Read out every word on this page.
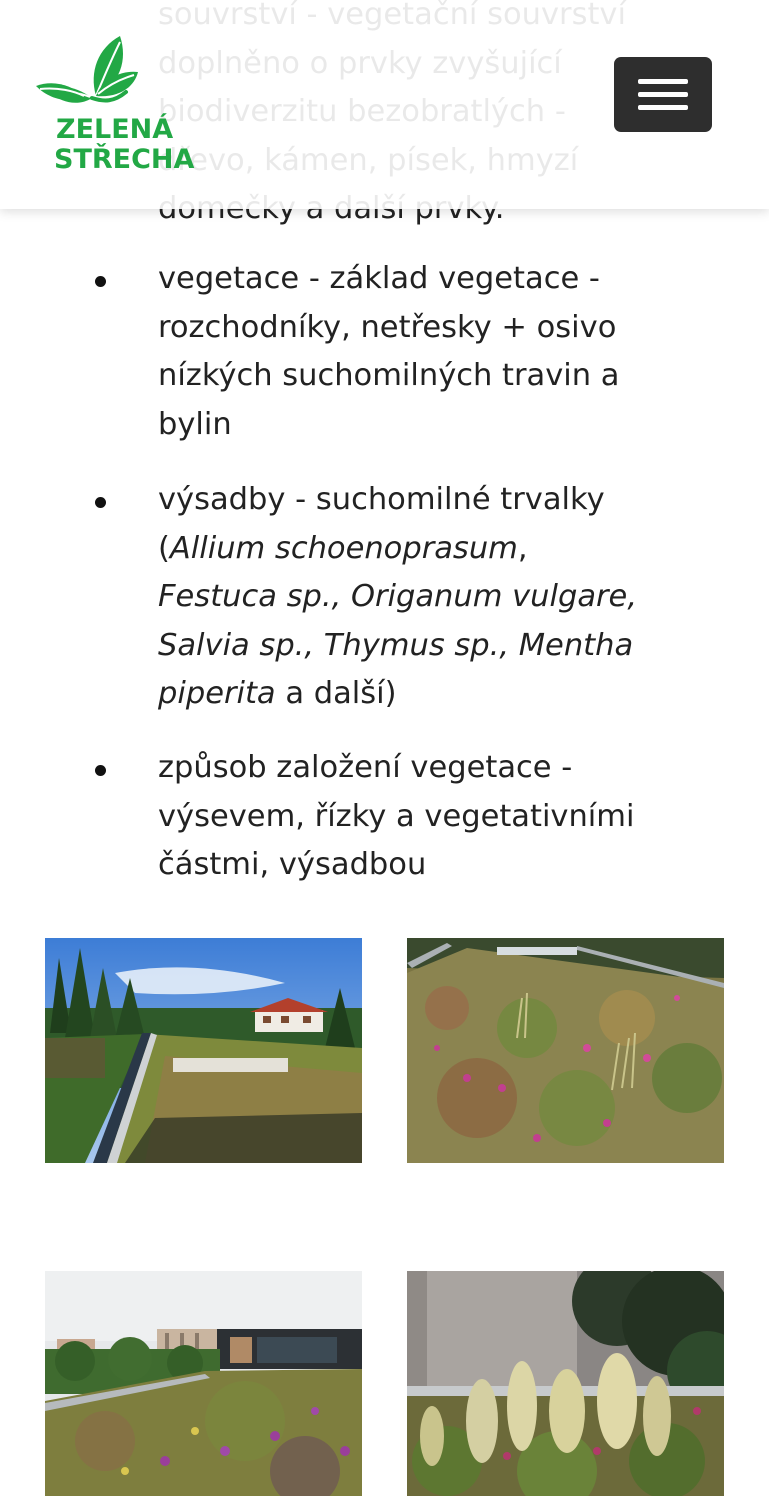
vegetace - základ vegetace -
rozchodníky, netřesky + osivo
nízkých suchomilných travin a
bylin
výsadby - suchomilné trvalky
(Allium schoenoprasum,
Festuca sp., Origanum vulgare,
Salvia sp., Thymus sp., Mentha
piperita a další)
způsob založení vegetace -
výsevem, řízky a vegetativními
částmi, výsadbou
ZELENÁ
STŘECHA
